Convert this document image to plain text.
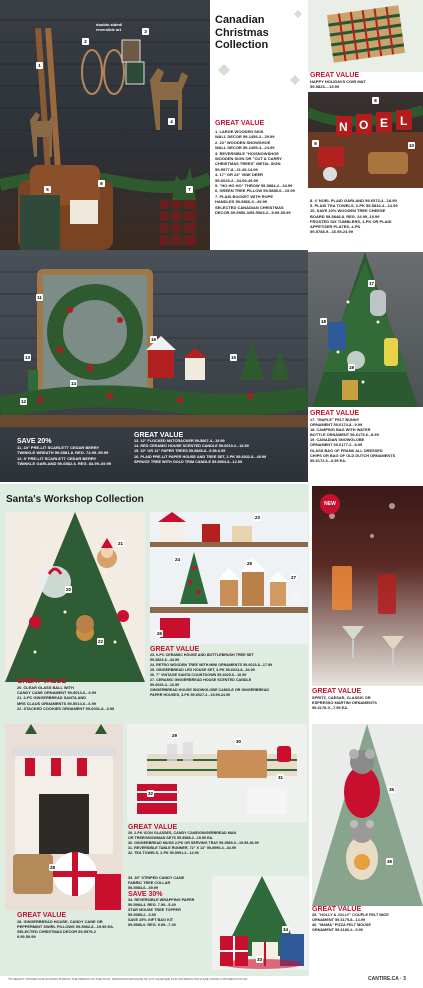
double-sided/ reversible art
1
2
3
4
5
6
7
Canadian Christmas Collection
GREAT VALUE
1. LARGE WOODEN SKIS
WALL DECOR 59-1459-2...29.99
2. 23" WOODEN SNOWSHOE
WALL DECOR 59-1459-4...24.99
3. REVERSIBLE "HO/SNOWSHOE
WOODEN SIGN OR "CUT & CARRY
CHRISTMAS TREES" METAL SIGN
59-5977-8...11.49-14.99
4. 17" OR 24" VINE DEER
59-6029-2...34.99-49.99
5. "HO HO HO" THROW 59-5884-2...34.99
6. GREEN TREE PILLOW 59-5885-6...19.99
7. PLAID BUCKET WITH ROPE
HANDLES 59-5866-3...49.99
SELECTED CANADIAN CHRISTMAS
DECOR 59-5956-3/59-5963-2...9.99-59.99
GREAT VALUE
HAPPY HOLIDAYS COIR MAT
59-5823....19.99
N O E L
8
9	10
8. 4' NOEL PLAID GARLAND 59-6573-4...18.99
9. PLAID TEA TOWELS, 2-PK 59-5832-4...14.99
10. SAVE 20% WOODEN TREE CHEESE
BOARD 59-5848-8. REG. 24.99..19.99
FROSTED SIX TUMBLERS, 4-PK OR PLAID
APPETIZER PLATES, 4-PK
59-5788-9...16.99-24.99
11
12
13
14
15
16
SAVE 20%
11. 24" PRE-LIT SCARLETT CEDAR BERRY
TWINKLE WREATH 59-6581-8. REG. 74.99..59.99
12. 9' PRE-LIT SCARLETT CEDAR BERRY
TWINKLE GARLAND 59-6582-6. REG. 84.99..69.99
GREAT VALUE
13. 12" FLOCKED NUTCRACKER 59-5867-4...19.99
14. RED CERAMIC HOUSE SCENTED CANDLE 59-6019-2...16.99
15. 10" OR 12" PAPER TREES 59-5845-8...5.99-6.99
16. PLAID PRE-LIT PAPER HOUSE AND TREE SET, 2-PK 59-6022-8...49.99
SPRUCE TREE WITH GOLD TRIM CANDLE 59-5904-8...12.99
17
18
19
GREAT VALUE
17. "MAPLE" FELT BUNNY
ORNAMENT 59-6174-8...9.99
18. CAMPING BAG WITH WATER
BOTTLE ORNAMENT 59-6175-6...8.99
19. CANADIAN SNOWGLOBE
ORNAMENT 59-6177-2...8.99
GLASS BAG OF FRANK ALL DRESSED
CHIPS OR BAG OF OLD DUTCH ORNAMENTS
59-6172-6...6.99 EA.
Santa's Workshop Collection
20
21
22
GREAT VALUE
20. CLEAR GLASS BALL WITH
CANDY CANE ORNAMENT 59-5013-6...6.99
21. 2-PC GINGERBREAD SANTA AND
MRS CLAUS ORNAMENTS 59-5014-6...6.99
22. STACKED COOKIES ORNAMENT 59-6031-8...3.99
23
24
25
26
27
GREAT VALUE
23. 6-PC CERAMIC HOUSE AND BOTTLEBRUSH TREE SET
59-5823-6...44.99
24. RETRO WOODEN TREE WITH MINI ORNAMENTS 59-6023-8...17.99
25. GINGERBREAD LED HOUSE SET, 3-PK 59-6024-8...34.99
26. 7" VINTAGE SANTA COUNTDOWN 59-6025-6...10.99
27. CERAMIC GINGERBREAD HOUSE SCENTED CANDLE
59-6026-4...16.99
GINGERBREAD HOUSE SNOWGLOBE CANDLE OR GINGERBREAD
PAPER HOUSES, 3-PK 59-6027-2...15.99-24.99
28
GREAT VALUE
28. GINGERBREAD HOUSE, CANDY CANE OR
PEPPERMINT SWIRL PILLOWS 59-5982-8...19.99 EA.
SELECTED CHRISTMAS DECOR 59-5979-2
9.99-59.99
29
30
31
32
GREAT VALUE
29. 2-PK ICON GLASSES, CANDY CANE/GINGERBREAD MAN
OR TREE/SNOWMAN SETS 59-5988-2...19.99 EA.
30. GINGERBREAD MUGS 2-PK OR SERVING TRAY 59-5989-0...19.99-36.99
31. REVERSIBLE TABLE RUNNER, 72" X 13" 59-5990-4...34.99
32. TEA TOWELS, 2-PK 59-5991-2...14.99
33. 30" STRIPED CANDY CANE
FABRIC TREE COLLAR
59-5983-6...39.99
SAVE 30%
34. REVERSIBLE WRAPPING PAPER
59-5984-4. REG. 7.99...5.49
STAR MOUSE TREE TOPPER
59-5985-2...3.99
SAVE 25% GIFT BAG KIT
59-5986-0. REG. 9.99...7.49
33
34
NEW
GREAT VALUE
SPRITZ, CAESAR, CLASSIC OR
ESPRESSO MARTINI ORNAMENTS
59-6178-0...7.99 EA.
35
36
GREAT VALUE
35. "HOLLY & JOLLY" COUPLE FELT MICE
ORNAMENT 59-6179-8...14.99
36. "MAMA" PIZZA FELT MOUSE
ORNAMENT 59-6180-2...9.99
*IN SELECT STORES AND ACROSS DURING THE PERIOD OF THE PLAN. MINIMUM PURCHASE OF $ IS CHARGED FOR OFFERING WITH ARE USING A PAYMENTS PLAN.	CANTIRE.CA · 3
